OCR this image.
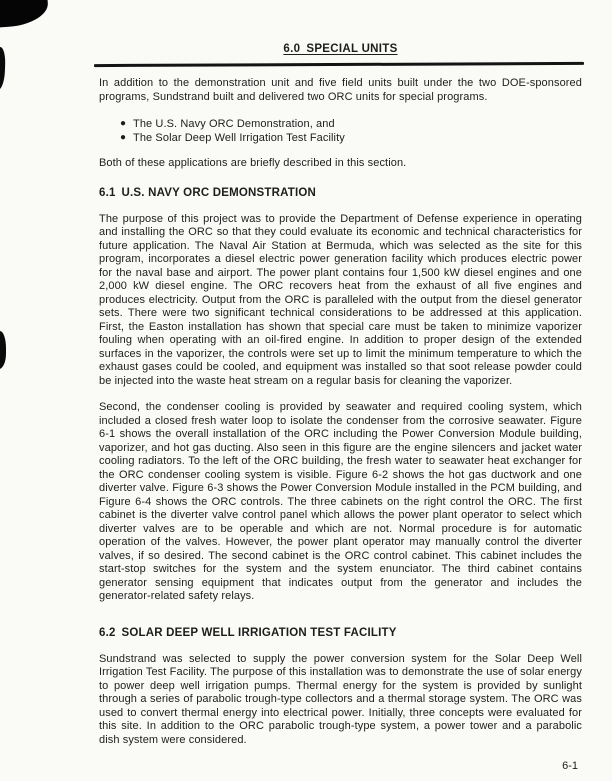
6.0 SPECIAL UNITS

In addition to the demonstration unit and five field units built under the two DOE-sponsored programs, Sundstrand built and delivered two ORC units for special programs.

● The U.S. Navy ORC Demonstration, and
● The Solar Deep Well Irrigation Test Facility

Both of these applications are briefly described in this section.

6.1 U.S. NAVY ORC DEMONSTRATION

The purpose of this project was to provide the Department of Defense experience in operating and installing the ORC so that they could evaluate its economic and technical characteristics for future application. The Naval Air Station at Bermuda, which was selected as the site for this program, incorporates a diesel electric power generation facility which produces electric power for the naval base and airport. The power plant contains four 1,500 kW diesel engines and one 2,000 kW diesel engine. The ORC recovers heat from the exhaust of all five engines and produces electricity. Output from the ORC is paralleled with the output from the diesel generator sets. There were two significant technical considerations to be addressed at this application. First, the Easton installation has shown that special care must be taken to minimize vaporizer fouling when operating with an oil-fired engine. In addition to proper design of the extended surfaces in the vaporizer, the controls were set up to limit the minimum temperature to which the exhaust gases could be cooled, and equipment was installed so that soot release powder could be injected into the waste heat stream on a regular basis for cleaning the vaporizer.

Second, the condenser cooling is provided by seawater and required cooling system, which included a closed fresh water loop to isolate the condenser from the corrosive seawater. Figure 6-1 shows the overall installation of the ORC including the Power Conversion Module building, vaporizer, and hot gas ducting. Also seen in this figure are the engine silencers and jacket water cooling radiators. To the left of the ORC building, the fresh water to seawater heat exchanger for the ORC condenser cooling system is visible. Figure 6-2 shows the hot gas ductwork and one diverter valve. Figure 6-3 shows the Power Conversion Module installed in the PCM building, and Figure 6-4 shows the ORC controls. The three cabinets on the right control the ORC. The first cabinet is the diverter valve control panel which allows the power plant operator to select which diverter valves are to be operable and which are not. Normal procedure is for automatic operation of the valves. However, the power plant operator may manually control the diverter valves, if so desired. The second cabinet is the ORC control cabinet. This cabinet includes the start-stop switches for the system and the system enunciator. The third cabinet contains generator sensing equipment that indicates output from the generator and includes the generator-related safety relays.

6.2 SOLAR DEEP WELL IRRIGATION TEST FACILITY

Sundstrand was selected to supply the power conversion system for the Solar Deep Well Irrigation Test Facility. The purpose of this installation was to demonstrate the use of solar energy to power deep well irrigation pumps. Thermal energy for the system is provided by sunlight through a series of parabolic trough-type collectors and a thermal storage system. The ORC was used to convert thermal energy into electrical power. Initially, three concepts were evaluated for this site. In addition to the ORC parabolic trough-type system, a power tower and a parabolic dish system were considered.

6-1
